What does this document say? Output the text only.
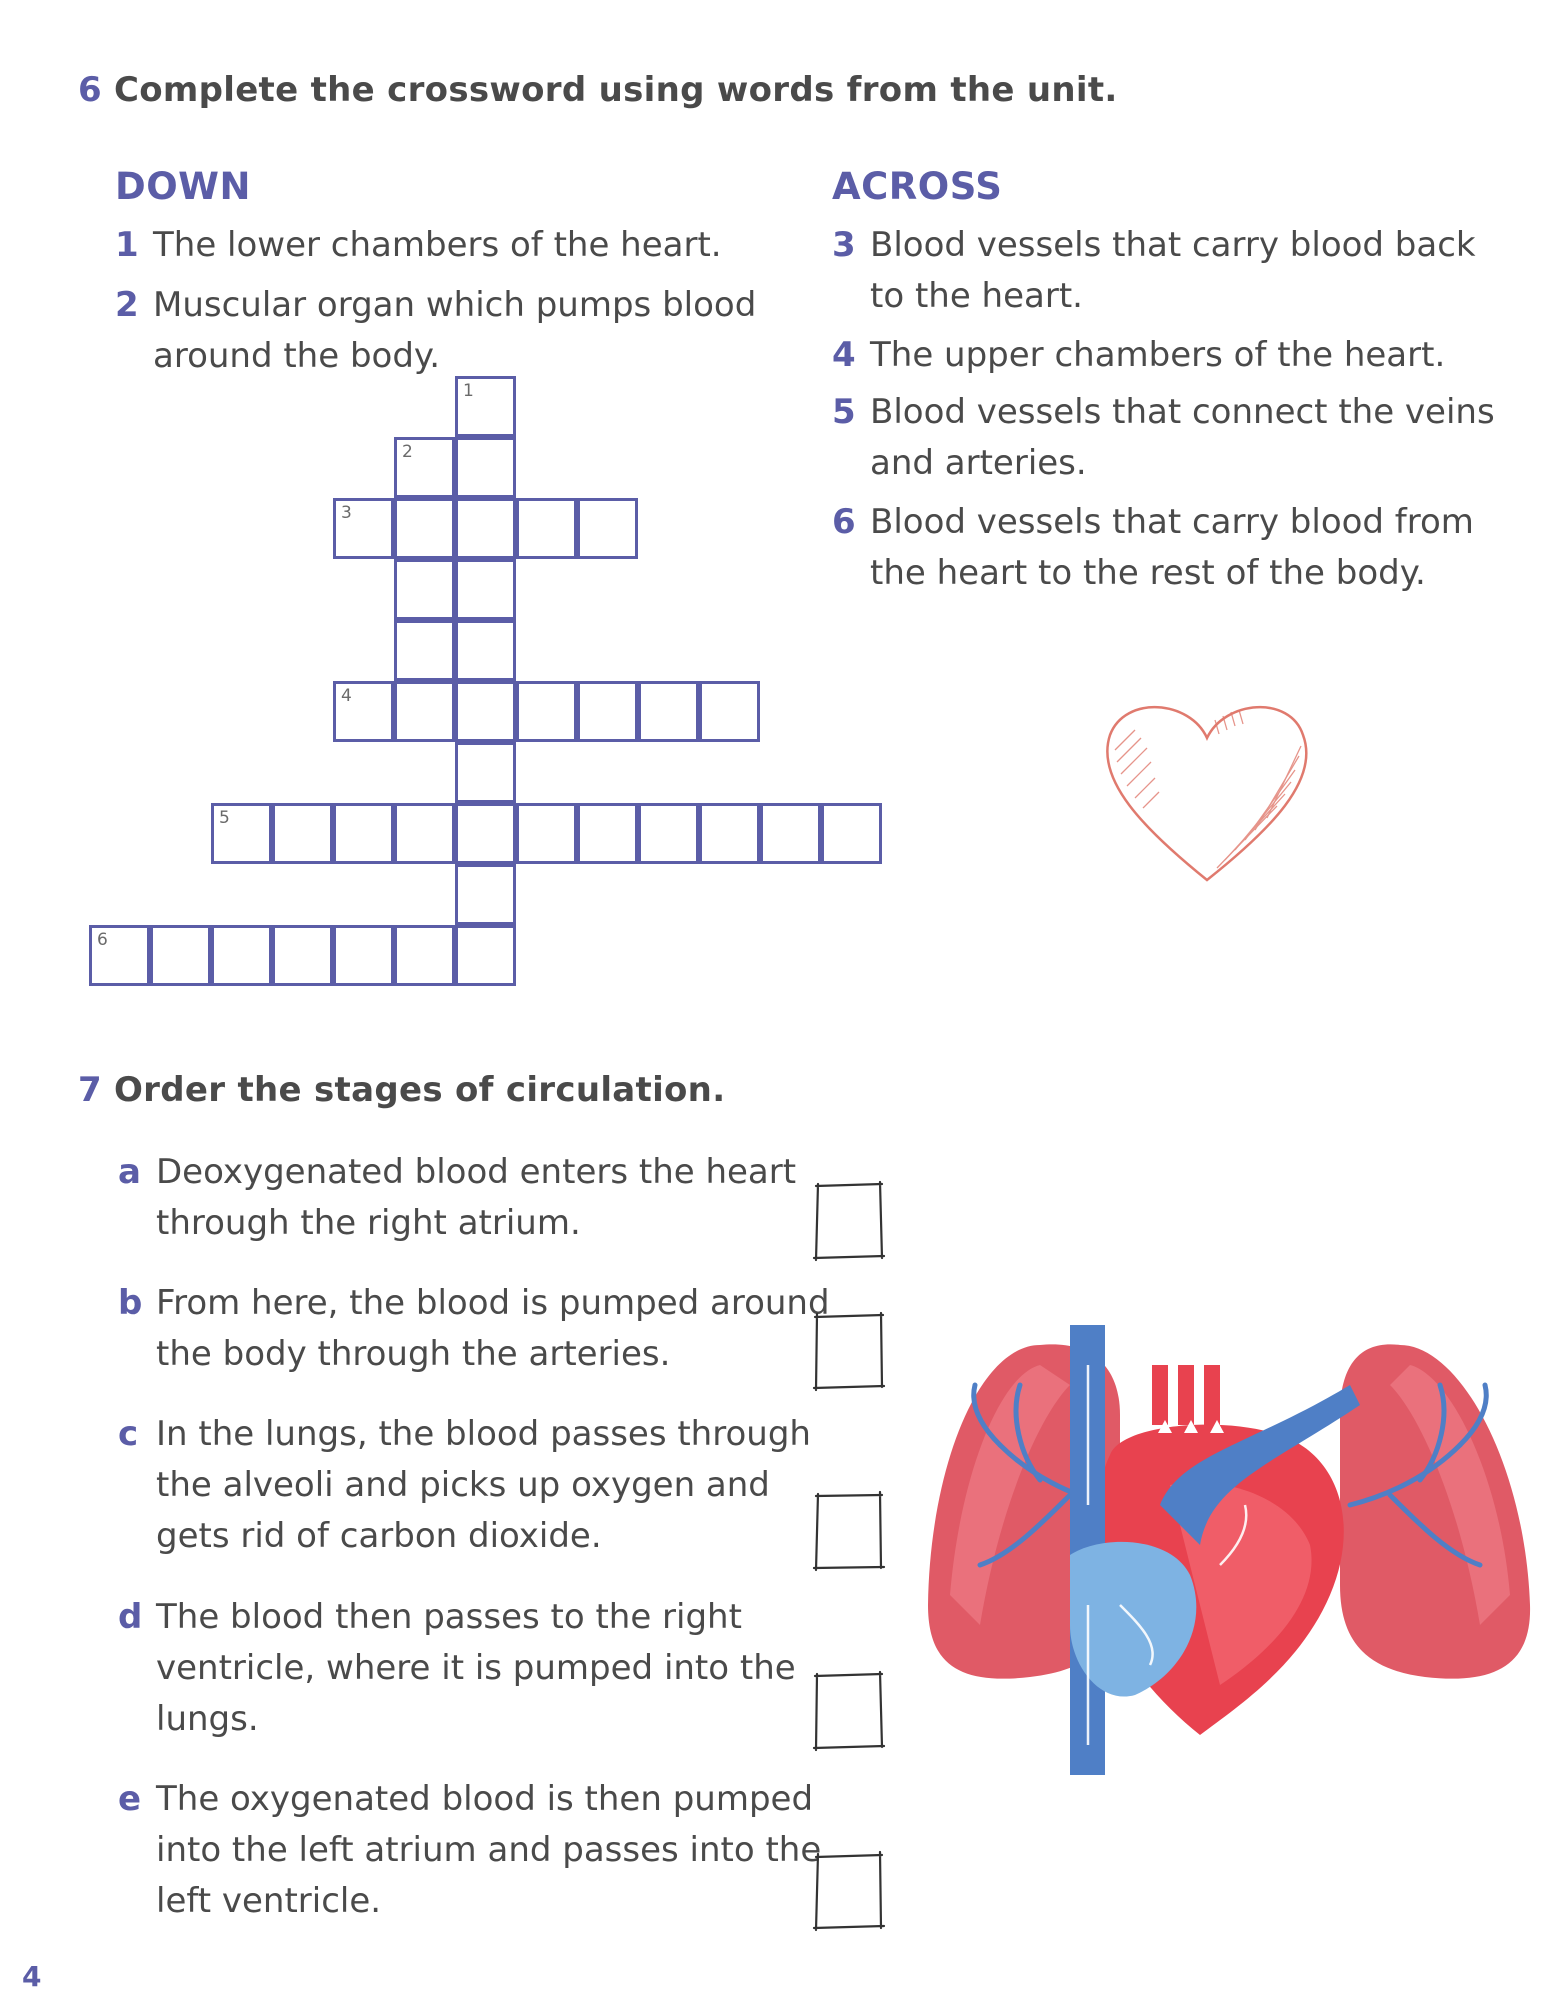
6 Complete the crossword using words from the unit.
DOWN	ACROSS
1 The lower chambers of the heart.
2 Muscular organ which pumps blood around the body.
3 Blood vessels that carry blood back to the heart.
4 The upper chambers of the heart.
5 Blood vessels that connect the veins and arteries.
6 Blood vessels that carry blood from the heart to the rest of the body.
1
2
3
4
5
6
7 Order the stages of circulation.
a Deoxygenated blood enters the heart through the right atrium.
b From here, the blood is pumped around the body through the arteries.
c In the lungs, the blood passes through the alveoli and picks up oxygen and gets rid of carbon dioxide.
d The blood then passes to the right ventricle, where it is pumped into the lungs.
e The oxygenated blood is then pumped into the left atrium and passes into the left ventricle.
4
